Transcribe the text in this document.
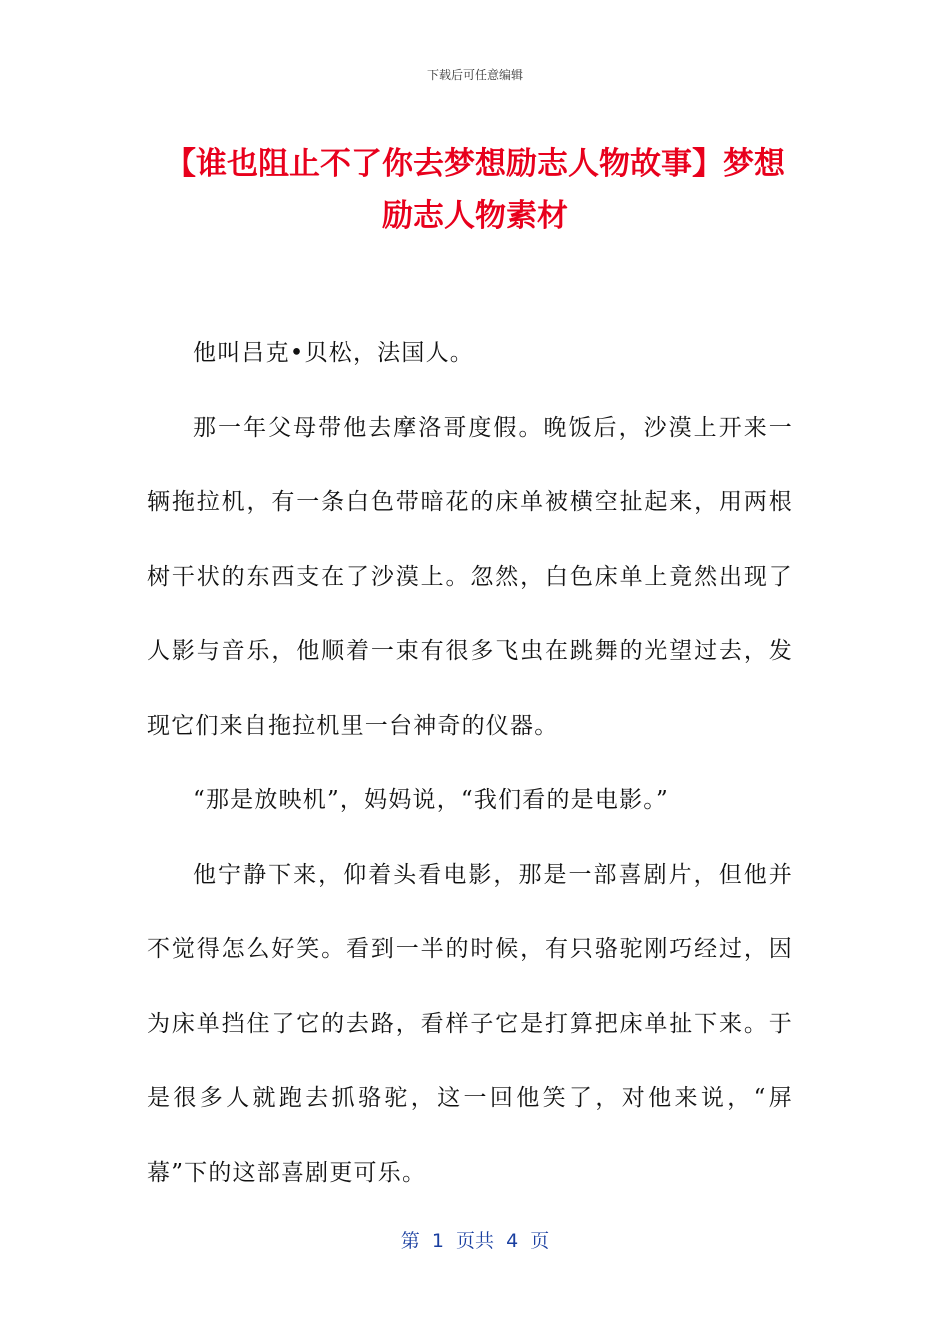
下载后可任意编辑
【谁也阻止不了你去梦想励志人物故事】梦想励志人物素材

他叫吕克•贝松，法国人。

那一年父母带他去摩洛哥度假。晚饭后，沙漠上开来一辆拖拉机，有一条白色带暗花的床单被横空扯起来，用两根树干状的东西支在了沙漠上。忽然，白色床单上竟然出现了人影与音乐，他顺着一束有很多飞虫在跳舞的光望过去，发现它们来自拖拉机里一台神奇的仪器。

“那是放映机”，妈妈说，“我们看的是电影。”

他宁静下来，仰着头看电影，那是一部喜剧片，但他并不觉得怎么好笑。看到一半的时候，有只骆驼刚巧经过，因为床单挡住了它的去路，看样子它是打算把床单扯下来。于是很多人就跑去抓骆驼，这一回他笑了，对他来说，“屏幕”下的这部喜剧更可乐。

第  1  页共  4  页
